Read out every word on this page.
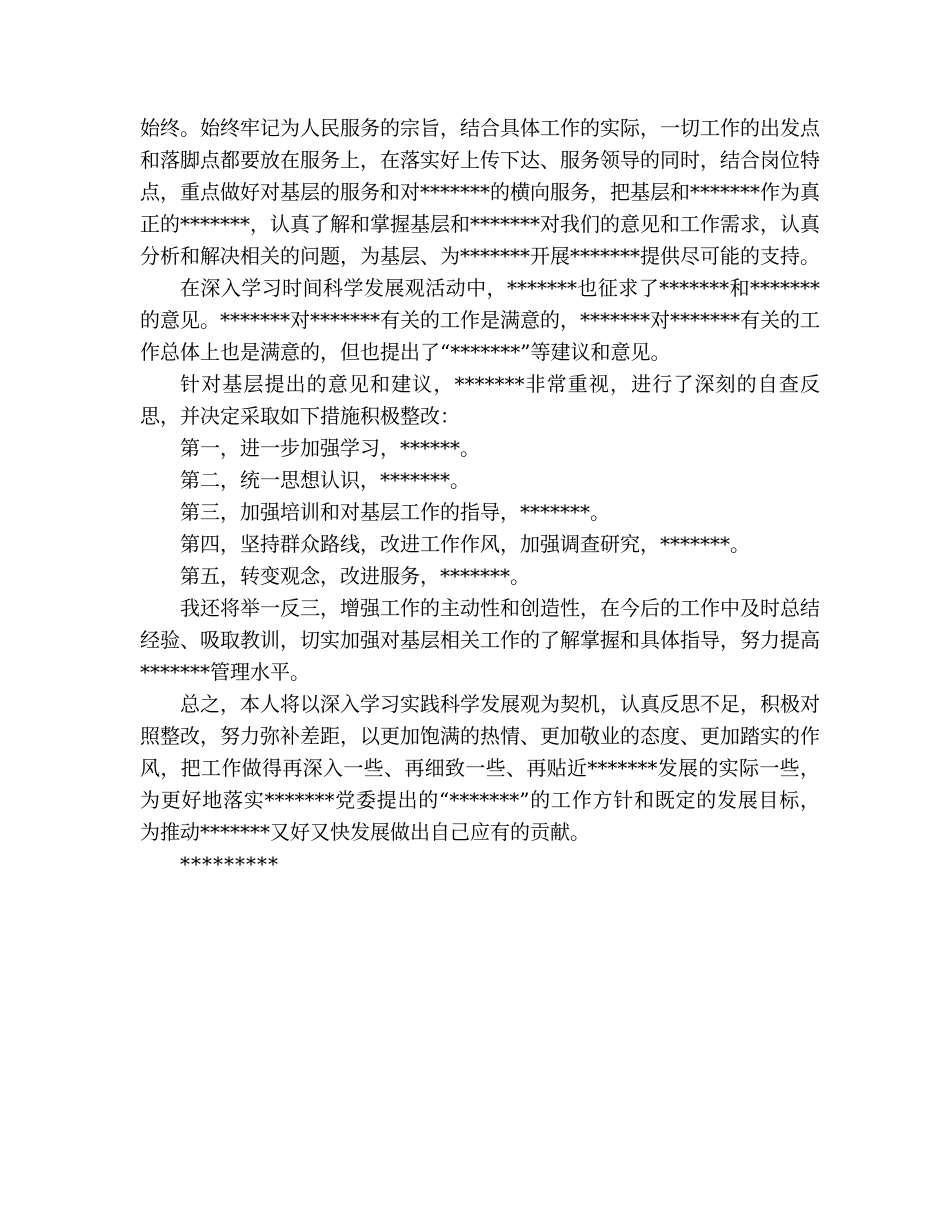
始终。始终牢记为人民服务的宗旨，结合具体工作的实际，一切工作的出发点和落脚点都要放在服务上，在落实好上传下达、服务领导的同时，结合岗位特点，重点做好对基层的服务和对*******的横向服务，把基层和*******作为真正的*******，认真了解和掌握基层和*******对我们的意见和工作需求，认真分析和解决相关的问题，为基层、为*******开展*******提供尽可能的支持。

在深入学习时间科学发展观活动中，*******也征求了*******和*******的意见。*******对*******有关的工作是满意的，*******对*******有关的工作总体上也是满意的，但也提出了“*******”等建议和意见。

针对基层提出的意见和建议，*******非常重视，进行了深刻的自查反思，并决定采取如下措施积极整改：

第一，进一步加强学习，******。

第二，统一思想认识，*******。

第三，加强培训和对基层工作的指导，*******。

第四，坚持群众路线，改进工作作风，加强调查研究，*******。

第五，转变观念，改进服务，*******。

我还将举一反三，增强工作的主动性和创造性，在今后的工作中及时总结经验、吸取教训，切实加强对基层相关工作的了解掌握和具体指导，努力提高*******管理水平。

总之，本人将以深入学习实践科学发展观为契机，认真反思不足，积极对照整改，努力弥补差距，以更加饱满的热情、更加敬业的态度、更加踏实的作风，把工作做得再深入一些、再细致一些、再贴近*******发展的实际一些，为更好地落实*******党委提出的“*******”的工作方针和既定的发展目标，为推动*******又好又快发展做出自己应有的贡献。

*********
